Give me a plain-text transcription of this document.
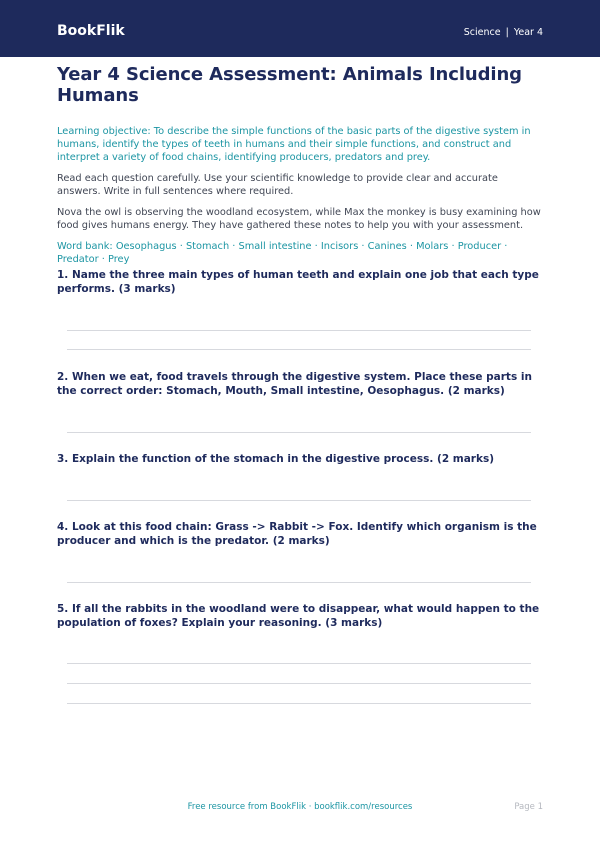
BookFlik	Science | Year 4
Year 4 Science Assessment: Animals Including Humans
Learning objective: To describe the simple functions of the basic parts of the digestive system in humans, identify the types of teeth in humans and their simple functions, and construct and interpret a variety of food chains, identifying producers, predators and prey.
Read each question carefully. Use your scientific knowledge to provide clear and accurate answers. Write in full sentences where required.
Nova the owl is observing the woodland ecosystem, while Max the monkey is busy examining how food gives humans energy. They have gathered these notes to help you with your assessment.
Word bank: Oesophagus · Stomach · Small intestine · Incisors · Canines · Molars · Producer · Predator · Prey
1. Name the three main types of human teeth and explain one job that each type performs. (3 marks)
2. When we eat, food travels through the digestive system. Place these parts in the correct order: Stomach, Mouth, Small intestine, Oesophagus. (2 marks)
3. Explain the function of the stomach in the digestive process. (2 marks)
4. Look at this food chain: Grass -> Rabbit -> Fox. Identify which organism is the producer and which is the predator. (2 marks)
5. If all the rabbits in the woodland were to disappear, what would happen to the population of foxes? Explain your reasoning. (3 marks)
Free resource from BookFlik · bookflik.com/resources	Page 1
